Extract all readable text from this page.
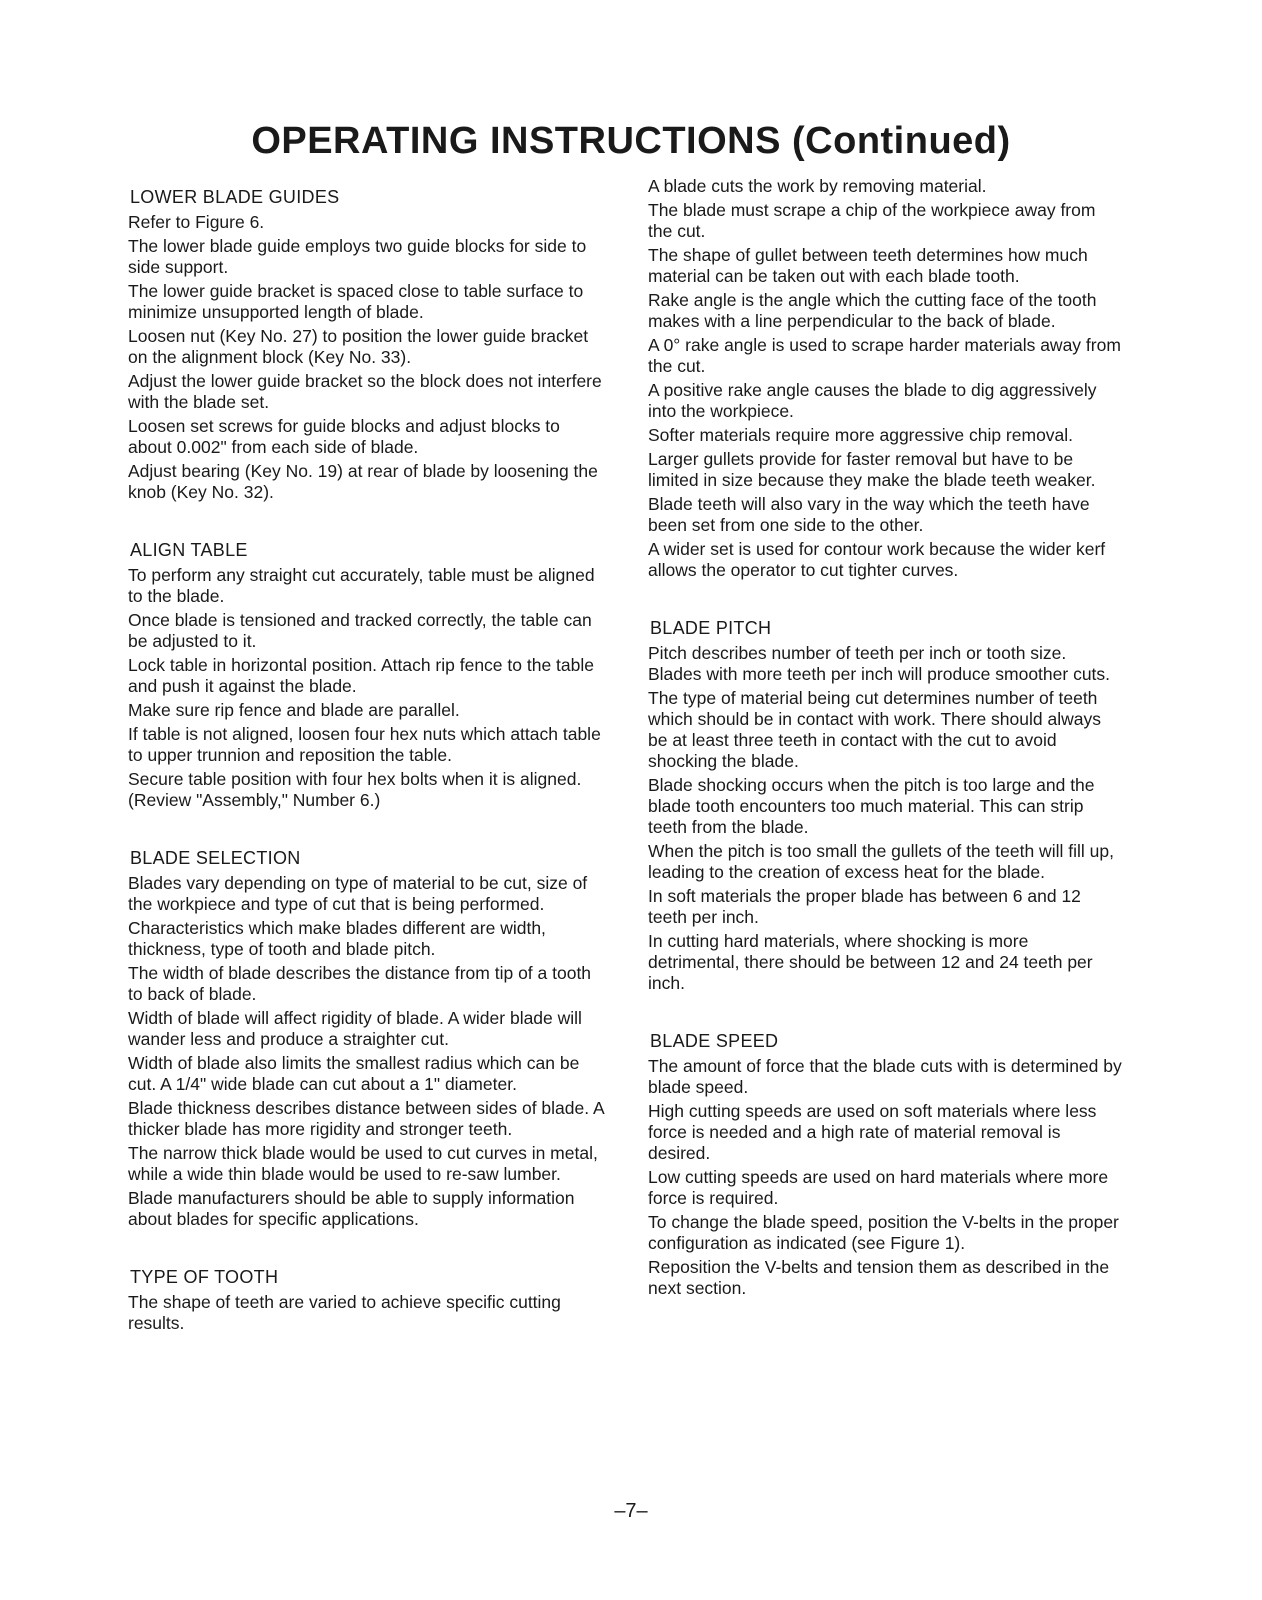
OPERATING INSTRUCTIONS (Continued)
LOWER BLADE GUIDES

Refer to Figure 6.

The lower blade guide employs two guide blocks for side to side support.

The lower guide bracket is spaced close to table surface to minimize unsupported length of blade.

Loosen nut (Key No. 27) to position the lower guide bracket on the alignment block (Key No. 33).

Adjust the lower guide bracket so the block does not interfere with the blade set.

Loosen set screws for guide blocks and adjust blocks to about 0.002" from each side of blade.

Adjust bearing (Key No. 19) at rear of blade by loosening the knob (Key No. 32).

ALIGN TABLE

To perform any straight cut accurately, table must be aligned to the blade.

Once blade is tensioned and tracked correctly, the table can be adjusted to it.

Lock table in horizontal position. Attach rip fence to the table and push it against the blade.

Make sure rip fence and blade are parallel.

If table is not aligned, loosen four hex nuts which attach table to upper trunnion and reposition the table.

Secure table position with four hex bolts when it is aligned. (Review "Assembly," Number 6.)

BLADE SELECTION

Blades vary depending on type of material to be cut, size of the workpiece and type of cut that is being performed.

Characteristics which make blades different are width, thickness, type of tooth and blade pitch.

The width of blade describes the distance from tip of a tooth to back of blade.

Width of blade will affect rigidity of blade. A wider blade will wander less and produce a straighter cut.

Width of blade also limits the smallest radius which can be cut. A 1/4" wide blade can cut about a 1" diameter.

Blade thickness describes distance between sides of blade. A thicker blade has more rigidity and stronger teeth.

The narrow thick blade would be used to cut curves in metal, while a wide thin blade would be used to re-saw lumber.

Blade manufacturers should be able to supply information about blades for specific applications.

TYPE OF TOOTH

The shape of teeth are varied to achieve specific cutting results.

A blade cuts the work by removing material.

The blade must scrape a chip of the workpiece away from the cut.

The shape of gullet between teeth determines how much material can be taken out with each blade tooth.

Rake angle is the angle which the cutting face of the tooth makes with a line perpendicular to the back of blade.

A 0° rake angle is used to scrape harder materials away from the cut.

A positive rake angle causes the blade to dig aggressively into the workpiece.

Softer materials require more aggressive chip removal.

Larger gullets provide for faster removal but have to be limited in size because they make the blade teeth weaker.

Blade teeth will also vary in the way which the teeth have been set from one side to the other.

A wider set is used for contour work because the wider kerf allows the operator to cut tighter curves.

BLADE PITCH

Pitch describes number of teeth per inch or tooth size. Blades with more teeth per inch will produce smoother cuts.

The type of material being cut determines number of teeth which should be in contact with work. There should always be at least three teeth in contact with the cut to avoid shocking the blade.

Blade shocking occurs when the pitch is too large and the blade tooth encounters too much material. This can strip teeth from the blade.

When the pitch is too small the gullets of the teeth will fill up, leading to the creation of excess heat for the blade.

In soft materials the proper blade has between 6 and 12 teeth per inch.

In cutting hard materials, where shocking is more detrimental, there should be between 12 and 24 teeth per inch.

BLADE SPEED

The amount of force that the blade cuts with is determined by blade speed.

High cutting speeds are used on soft materials where less force is needed and a high rate of material removal is desired.

Low cutting speeds are used on hard materials where more force is required.

To change the blade speed, position the V-belts in the proper configuration as indicated (see Figure 1).

Reposition the V-belts and tension them as described in the next section.

–7–
